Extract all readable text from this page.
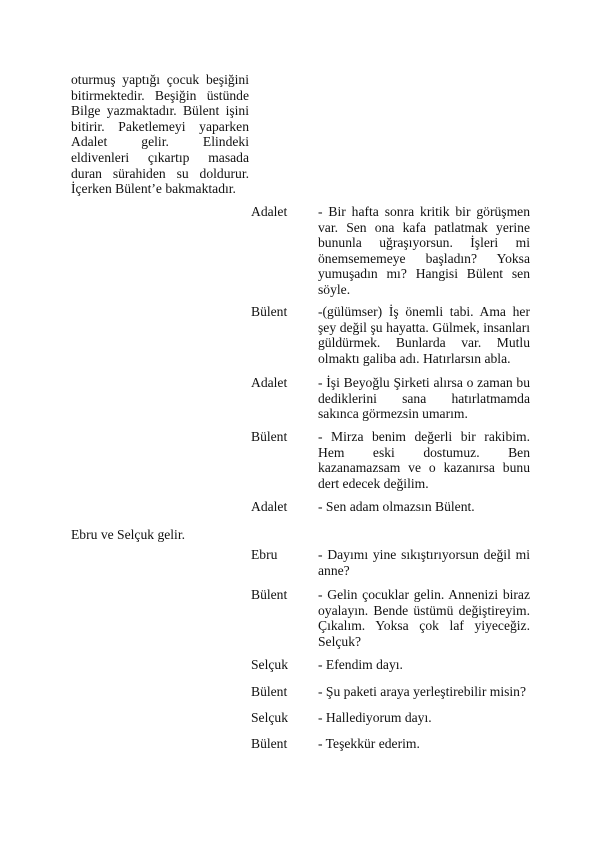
oturmuş yaptığı çocuk beşiğini bitirmektedir. Beşiğin üstünde Bilge yazmaktadır. Bülent işini bitirir. Paketlemeyi yaparken Adalet gelir. Elindeki eldivenleri çıkartıp masada duran sürahiden su doldurur. İçerken Bülent’e bakmaktadır.
Adalet - Bir hafta sonra kritik bir görüşmen var. Sen ona kafa patlatmak yerine bununla uğraşıyorsun. İşleri mi önemsememeye başladın? Yoksa yumuşadın mı? Hangisi Bülent sen söyle.
Bülent -(gülümser) İş önemli tabi. Ama her şey değil şu hayatta. Gülmek, insanları güldürmek. Bunlarda var. Mutlu olmaktı galiba adı. Hatırlarsın abla.
Adalet - İşi Beyoğlu Şirketi alırsa o zaman bu dediklerini sana hatırlatmamda sakınca görmezsin umarım.
Bülent - Mirza benim değerli bir rakibim. Hem eski dostumuz. Ben kazanamazsam ve o kazanırsa bunu dert edecek değilim.
Adalet - Sen adam olmazsın Bülent.
Ebru ve Selçuk gelir.
Ebru	- Dayımı yine sıkıştırıyorsun değil mi anne?
Bülent - Gelin çocuklar gelin. Annenizi biraz oyalayın. Bende üstümü değiştireyim. Çıkalım. Yoksa çok laf yiyeceğiz. Selçuk?
Selçuk - Efendim dayı.
Bülent - Şu paketi araya yerleştirebilir misin?
Selçuk - Hallediyorum dayı.
Bülent - Teşekkür ederim.
